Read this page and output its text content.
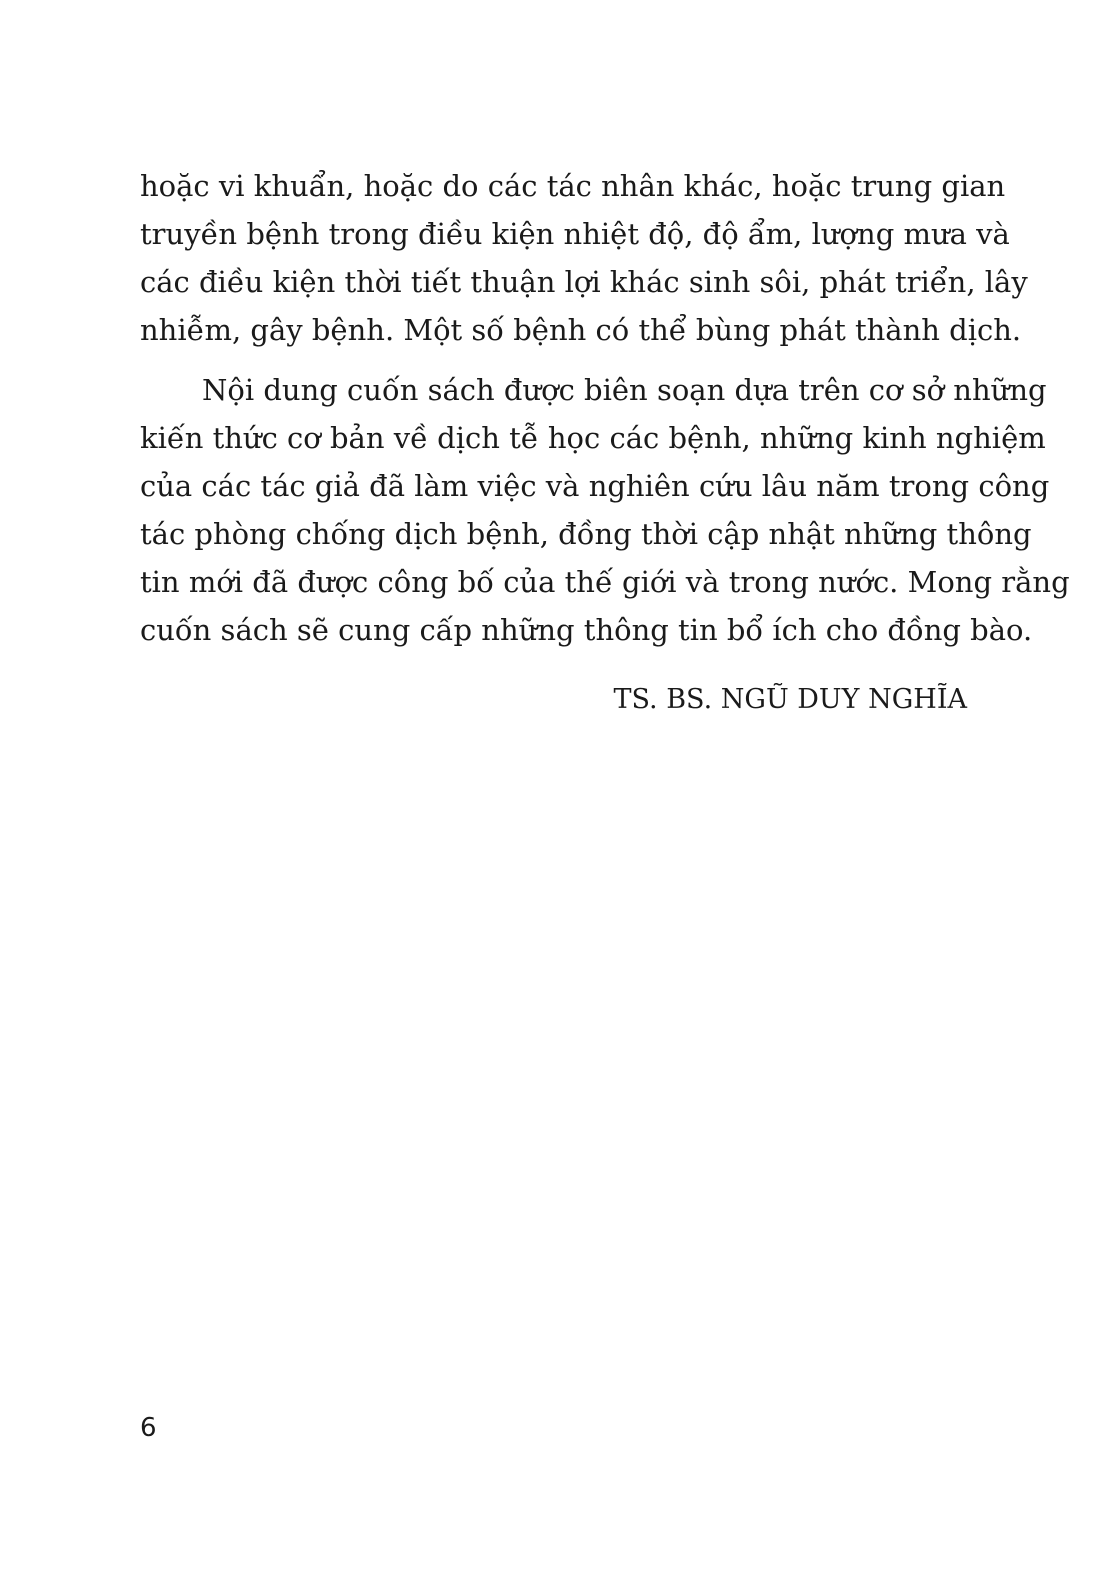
hoặc vi khuẩn, hoặc do các tác nhân khác, hoặc trung gian
truyền bệnh trong điều kiện nhiệt độ, độ ẩm, lượng mưa và
các điều kiện thời tiết thuận lợi khác sinh sôi, phát triển, lây
nhiễm, gây bệnh. Một số bệnh có thể bùng phát thành dịch.
Nội dung cuốn sách được biên soạn dựa trên cơ sở những
kiến thức cơ bản về dịch tễ học các bệnh, những kinh nghiệm
của các tác giả đã làm việc và nghiên cứu lâu năm trong công
tác phòng chống dịch bệnh, đồng thời cập nhật những thông
tin mới đã được công bố của thế giới và trong nước. Mong rằng
cuốn sách sẽ cung cấp những thông tin bổ ích cho đồng bào.
TS. BS. NGŨ DUY NGHĨA
6
